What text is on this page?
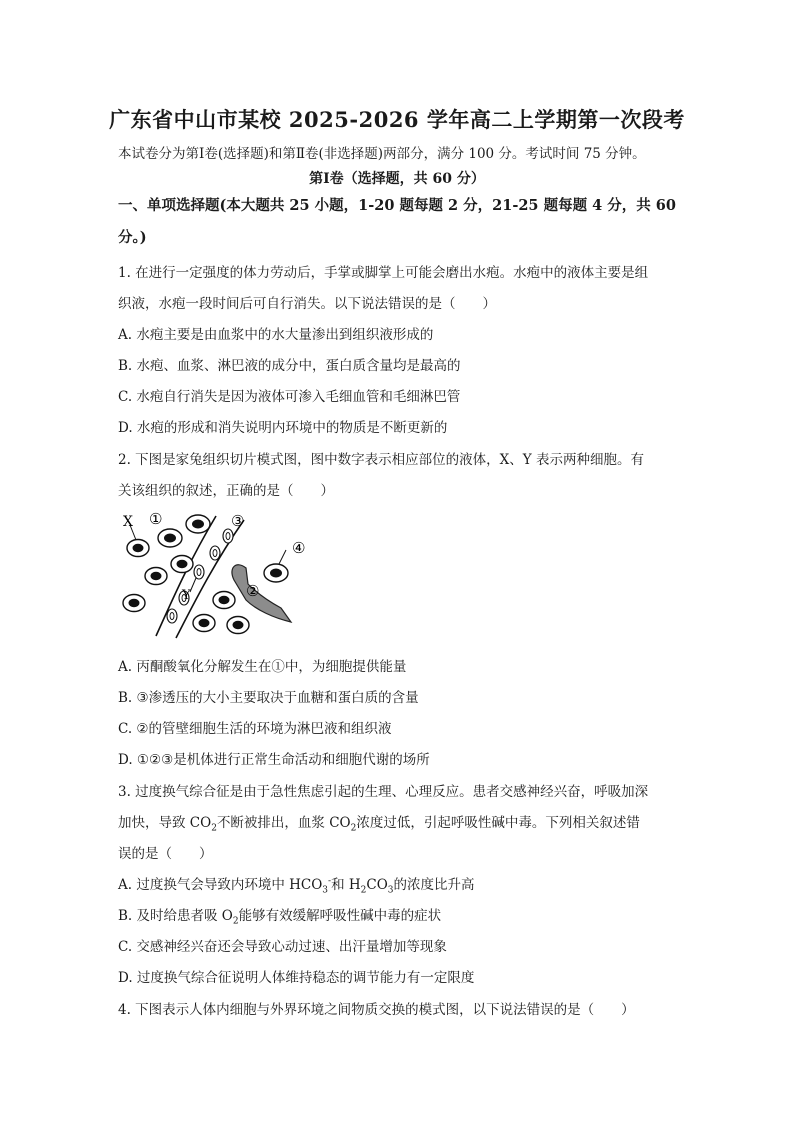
广东省中山市某校 2025-2026 学年高二上学期第一次段考
本试卷分为第Ⅰ卷(选择题)和第Ⅱ卷(非选择题)两部分，满分 100 分。考试时间 75 分钟。
第Ⅰ卷（选择题，共 60 分）
一、单项选择题(本大题共 25 小题，1-20 题每题 2 分，21-25 题每题 4 分，共 60
分。)
1. 在进行一定强度的体力劳动后，手掌或脚掌上可能会磨出水疱。水疱中的液体主要是组
织液，水疱一段时间后可自行消失。以下说法错误的是（　　）
A. 水疱主要是由血浆中的水大量渗出到组织液形成的
B. 水疱、血浆、淋巴液的成分中，蛋白质含量均是最高的
C. 水疱自行消失是因为液体可渗入毛细血管和毛细淋巴管
D. 水疱的形成和消失说明内环境中的物质是不断更新的
2. 下图是家兔组织切片模式图，图中数字表示相应部位的液体，X、Y 表示两种细胞。有
关该组织的叙述，正确的是（　　）
X
Y
①
②
③
④
A. 丙酮酸氧化分解发生在①中，为细胞提供能量
B. ③渗透压的大小主要取决于血糖和蛋白质的含量
C. ②的管壁细胞生活的环境为淋巴液和组织液
D. ①②③是机体进行正常生命活动和细胞代谢的场所
3. 过度换气综合征是由于急性焦虑引起的生理、心理反应。患者交感神经兴奋，呼吸加深
加快，导致 $CO_2$不断被排出，血浆 $CO_2$浓度过低，引起呼吸性碱中毒。下列相关叙述错
误的是（　　）
A. 过度换气会导致内环境中 $HCO_3^-$和 $H_2CO_3$的浓度比升高
B. 及时给患者吸 $O_2$能够有效缓解呼吸性碱中毒的症状
C. 交感神经兴奋还会导致心动过速、出汗量增加等现象
D. 过度换气综合征说明人体维持稳态的调节能力有一定限度
4. 下图表示人体内细胞与外界环境之间物质交换的模式图，以下说法错误的是（　　）
